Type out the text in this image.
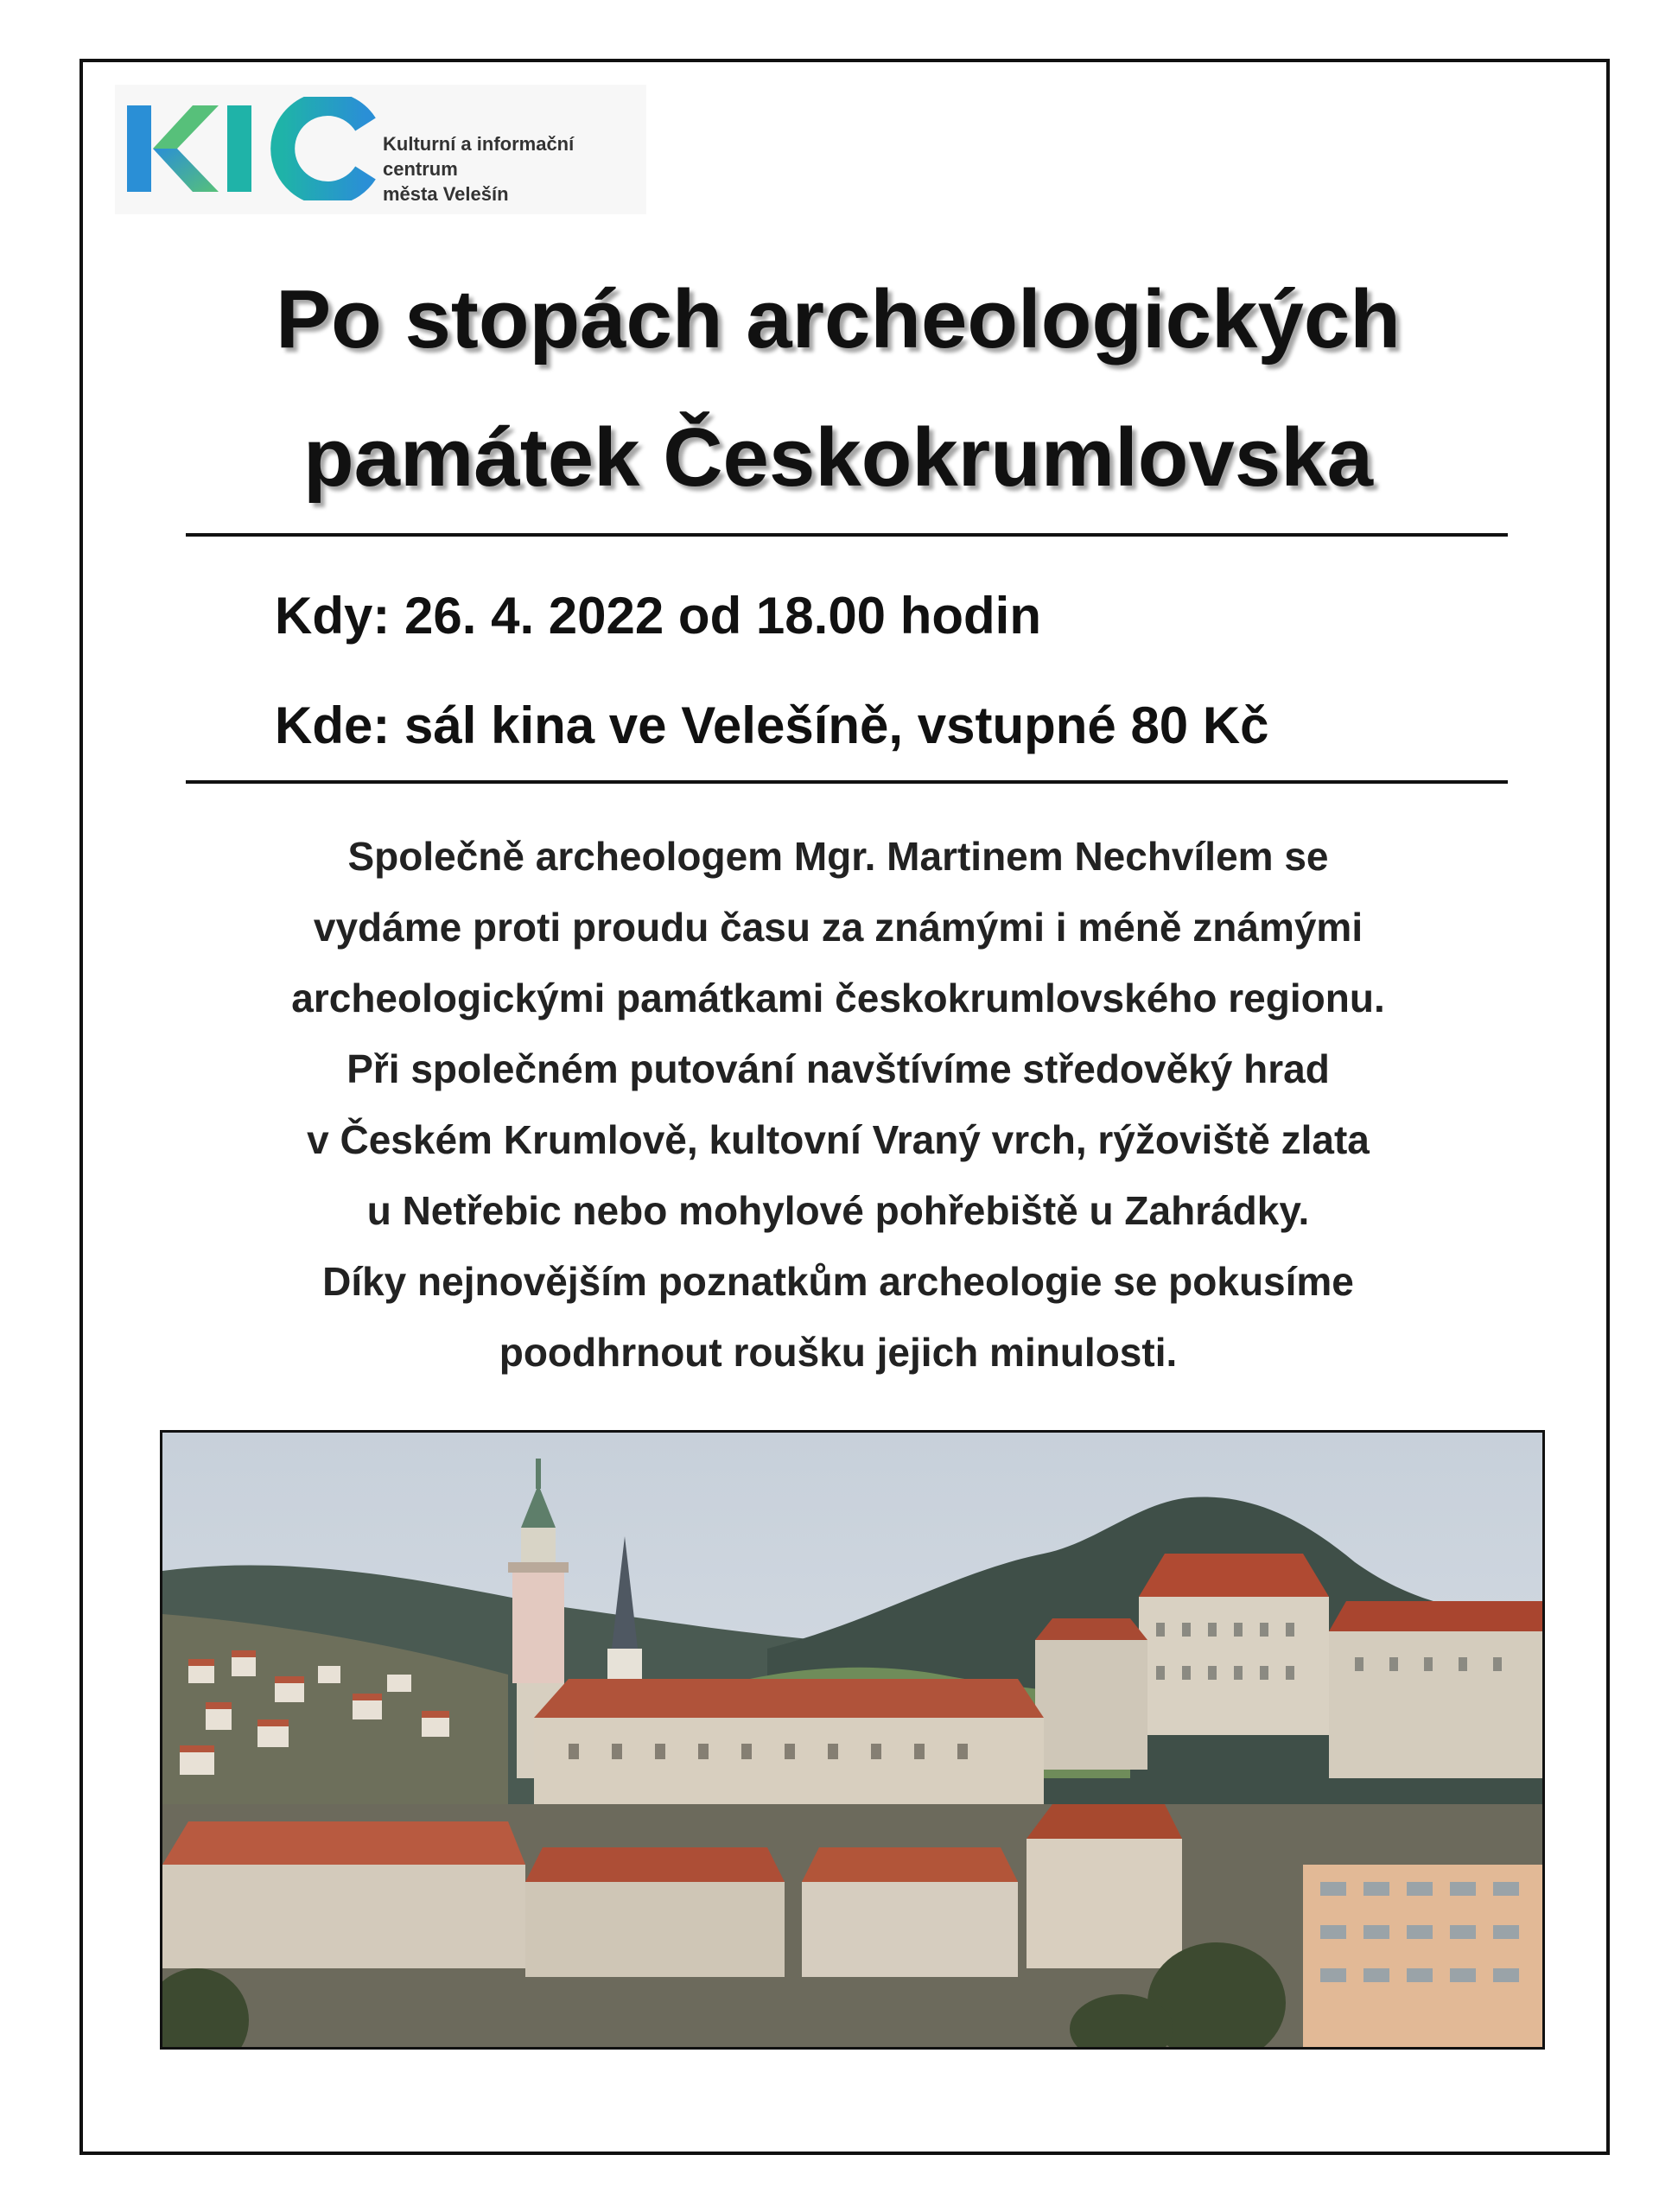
Kulturní a informační centrum
města Velešín
Po stopách archeologických
památek Českokrumlovska
Kdy: 26. 4. 2022 od 18.00 hodin
Kde: sál kina ve Velešíně, vstupné 80 Kč
Společně archeologem Mgr. Martinem Nechvílem se
vydáme proti proudu času za známými i méně známými
archeologickými památkami českokrumlovského regionu.
Při společném putování navštívíme středověký hrad
v Českém Krumlově, kultovní Vraný vrch, rýžoviště zlata
u Netřebic nebo mohylové pohřebiště u Zahrádky.
Díky nejnovějším poznatkům archeologie se pokusíme
poodhrnout roušku jejich minulosti.
